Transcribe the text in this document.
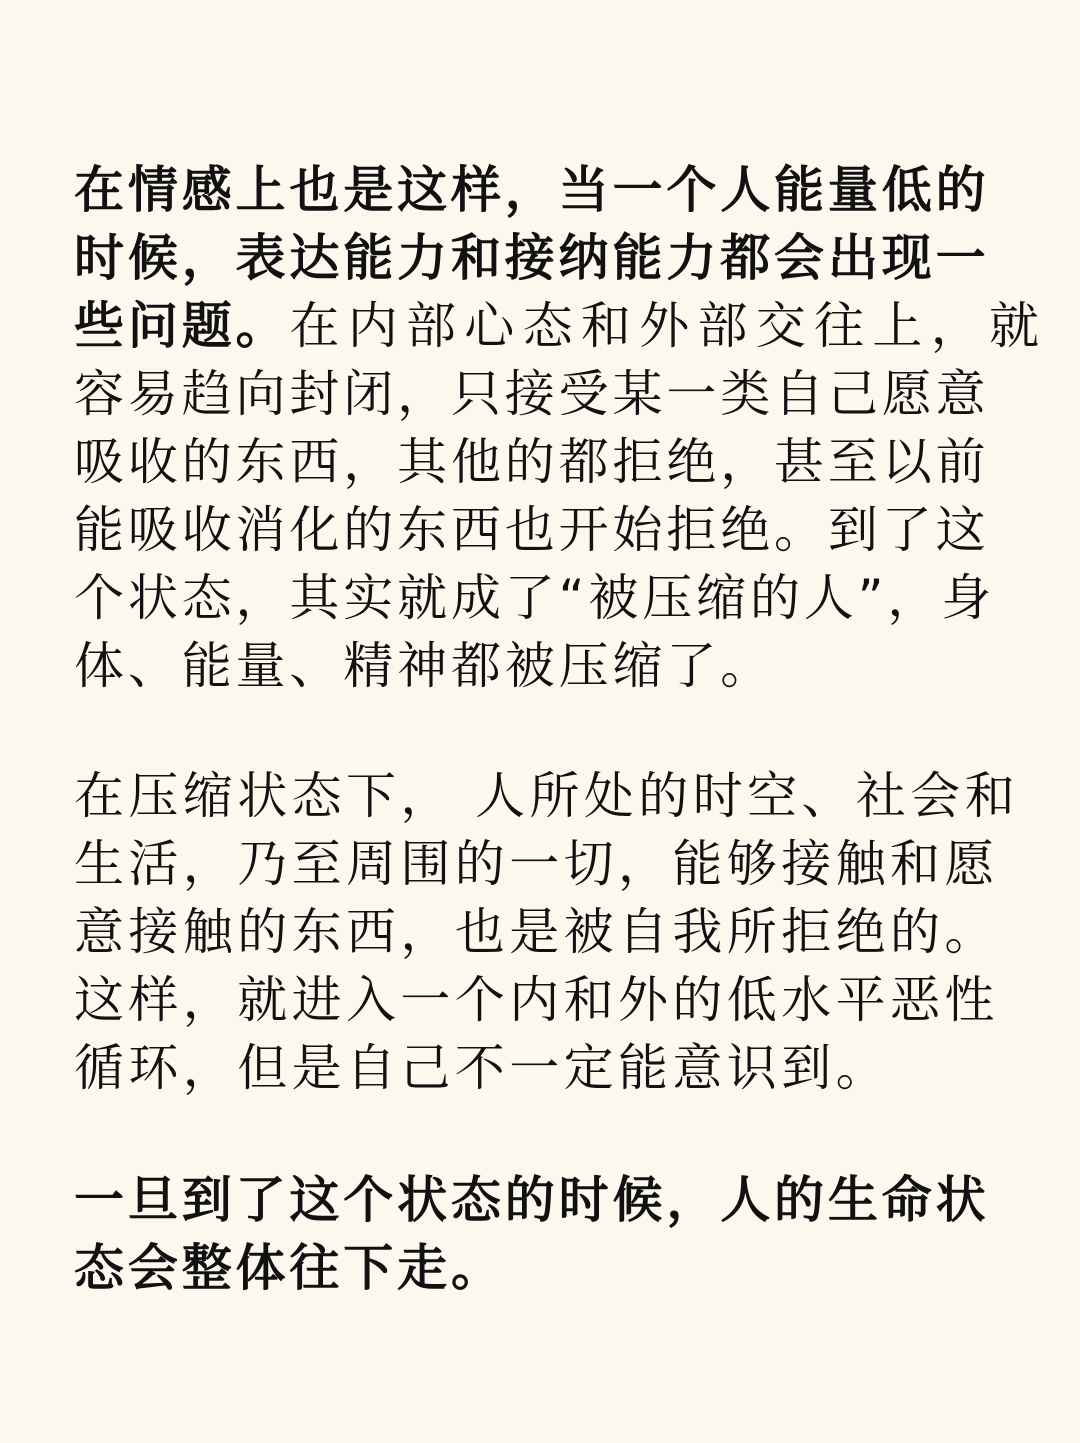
在情感上也是这样，当一个人能量低的
时候，表达能力和接纳能力都会出现一
些问题。在内部心态和外部交往上，就
容易趋向封闭，只接受某一类自己愿意
吸收的东西，其他的都拒绝，甚至以前
能吸收消化的东西也开始拒绝。到了这
个状态，其实就成了“被压缩的人”，身
体、能量、精神都被压缩了。
在压缩状态下， 人所处的时空、社会和
生活，乃至周围的一切，能够接触和愿
意接触的东西，也是被自我所拒绝的。
这样，就进入一个内和外的低水平恶性
循环，但是自己不一定能意识到。
一旦到了这个状态的时候，人的生命状
态会整体往下走。
